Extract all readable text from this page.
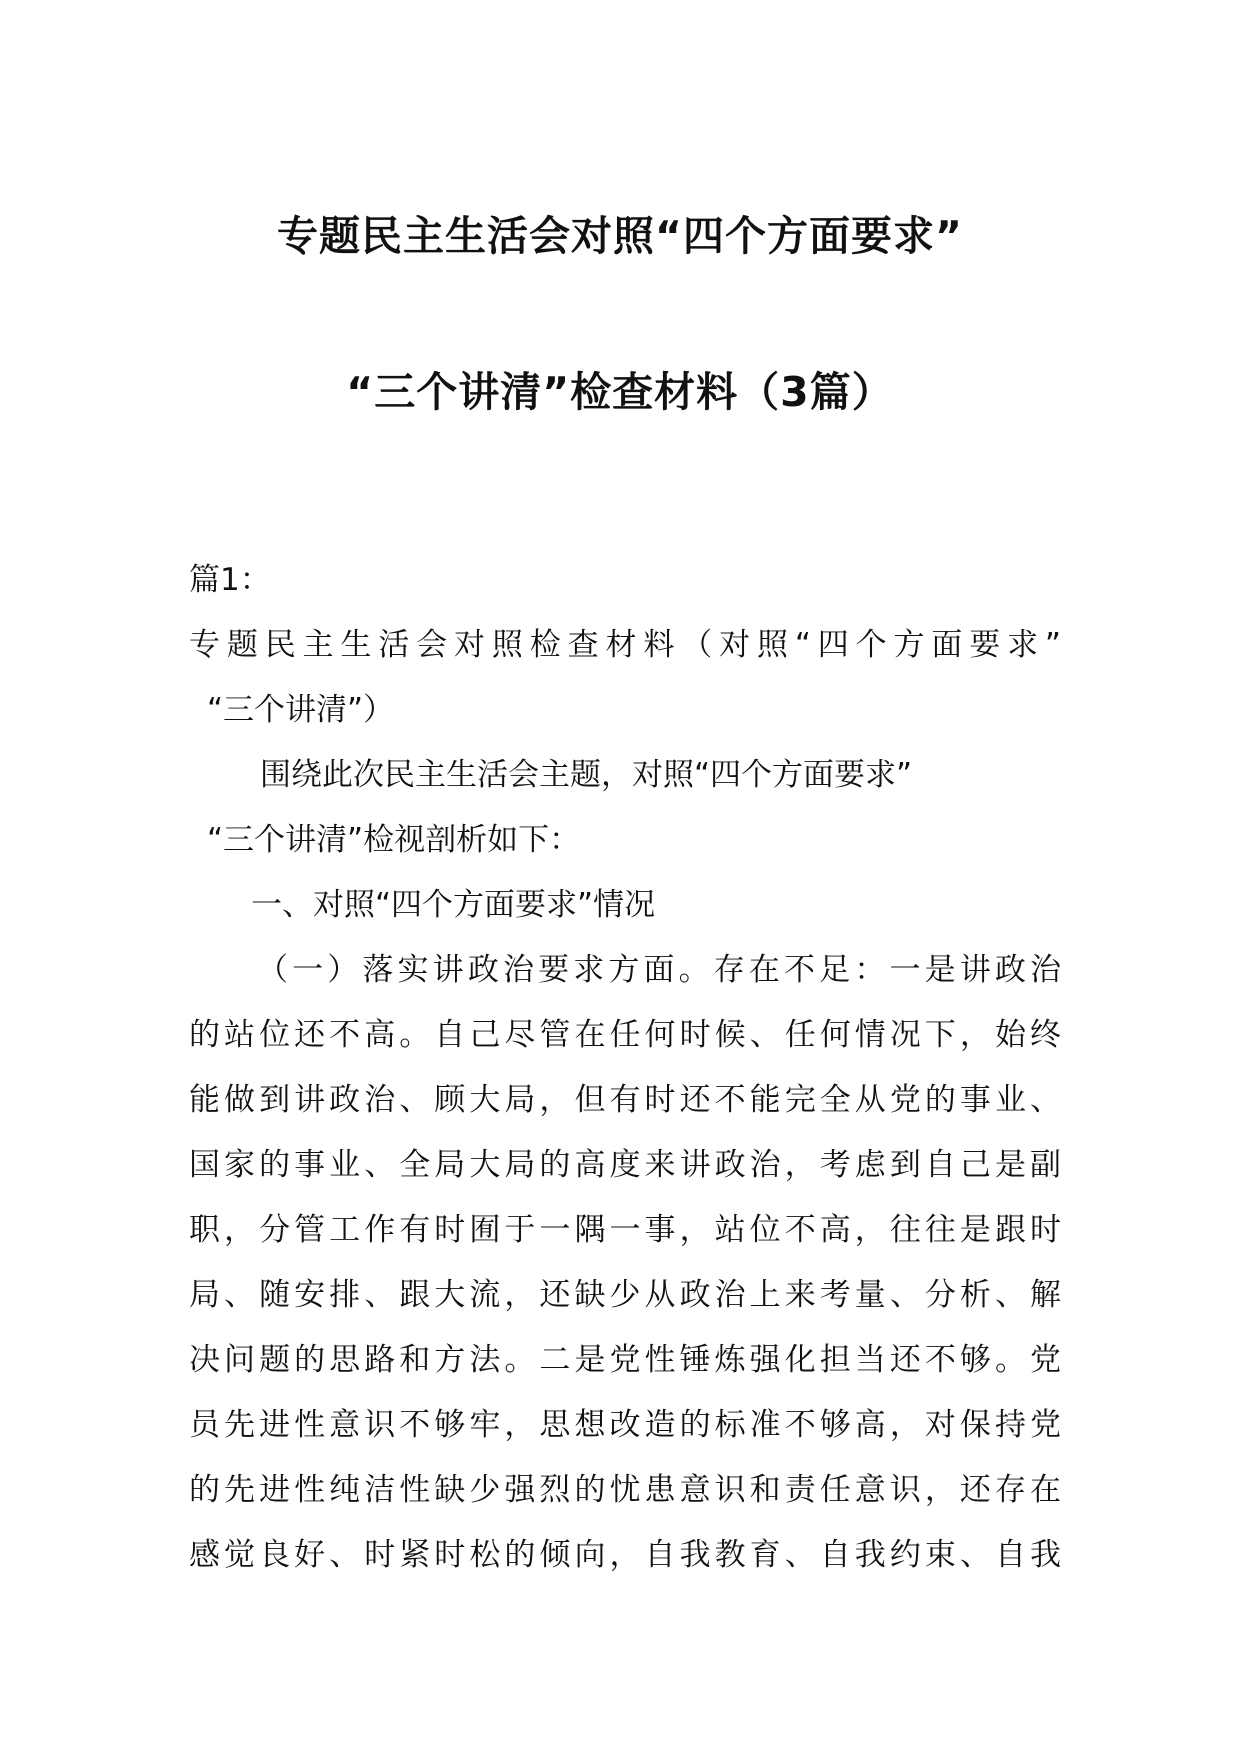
专题民主生活会对照“四个方面要求”
“三个讲清”检查材料（3篇）
篇1：
专题民主生活会对照检查材料（对照“四个方面要求”
“三个讲清”）
围绕此次民主生活会主题，对照“四个方面要求”
“三个讲清”检视剖析如下：
一、对照“四个方面要求”情况
（一）落实讲政治要求方面。存在不足：一是讲政治
的站位还不高。自己尽管在任何时候、任何情况下，始终
能做到讲政治、顾大局，但有时还不能完全从党的事业、
国家的事业、全局大局的高度来讲政治，考虑到自己是副
职，分管工作有时囿于一隅一事，站位不高，往往是跟时
局、随安排、跟大流，还缺少从政治上来考量、分析、解
决问题的思路和方法。二是党性锤炼强化担当还不够。党
员先进性意识不够牢，思想改造的标准不够高，对保持党
的先进性纯洁性缺少强烈的忧患意识和责任意识，还存在
感觉良好、时紧时松的倾向，自我教育、自我约束、自我
